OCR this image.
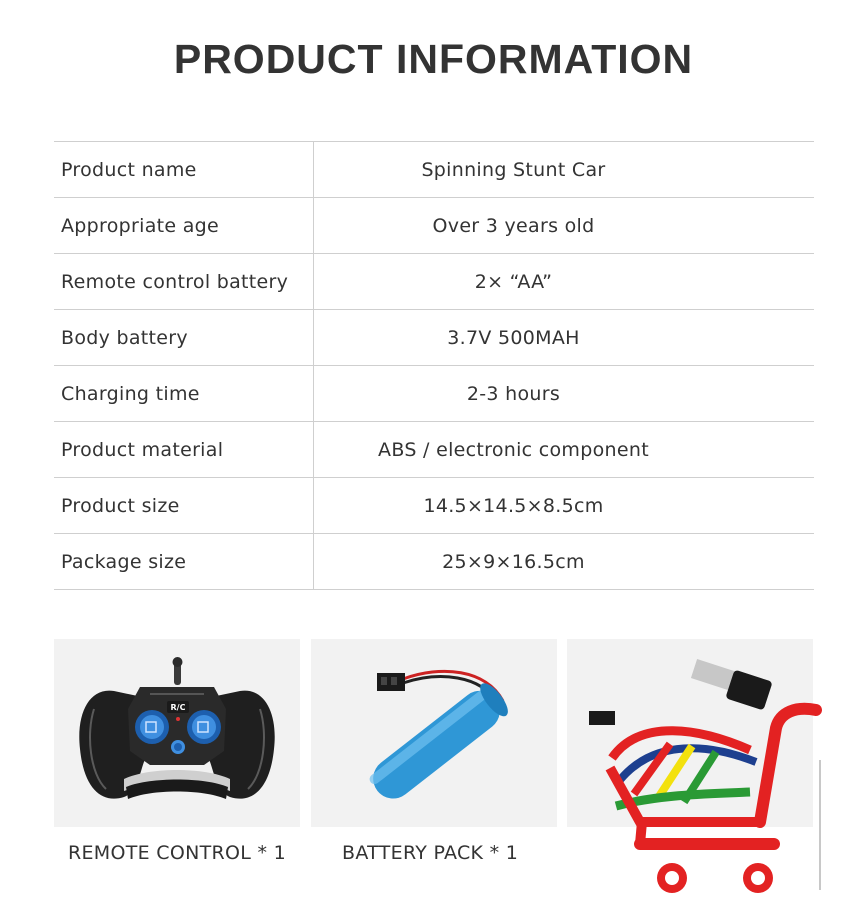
PRODUCT INFORMATION
Product name	Spinning Stunt Car
Appropriate age	Over 3 years old
Remote control battery	2× “AA”
Body battery	3.7V 500MAH
Charging time	2-3 hours
Product material	ABS / electronic component
Product size	14.5×14.5×8.5cm
Package size	25×9×16.5cm
R/C
REMOTE CONTROL * 1	BATTERY PACK * 1
